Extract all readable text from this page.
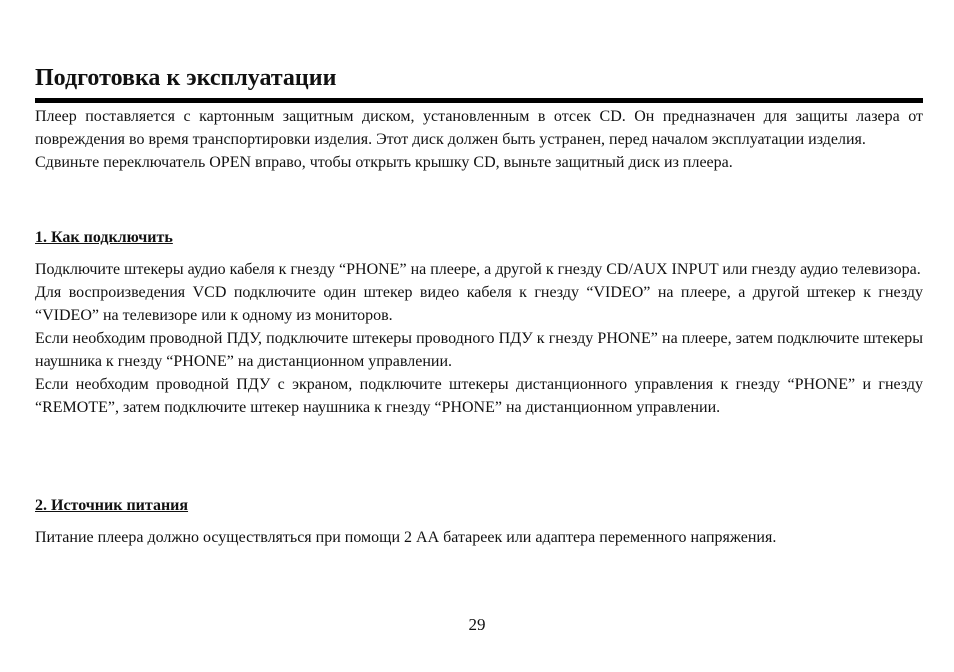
Подготовка к эксплуатации

Плеер поставляется с картонным защитным диском, установленным в отсек CD. Он предназначен для защиты лазера от повреждения во время транспортировки изделия. Этот диск должен быть устранен, перед началом эксплуатации изделия.
Сдвиньте переключатель OPEN вправо, чтобы открыть крышку CD, выньте защитный диск из плеера.

1. Как подключить

Подключите штекеры аудио кабеля к гнезду “PHONE” на плеере, а другой к гнезду CD/AUX INPUT или гнезду аудио телевизора.
Для воспроизведения VCD подключите один штекер видео кабеля к гнезду “VIDEO” на плеере, а другой штекер к гнезду “VIDEO” на телевизоре или к одному из мониторов.
Если необходим проводной ПДУ, подключите штекеры проводного ПДУ к гнезду PHONE” на плеере, затем подключите штекеры наушника к гнезду “PHONE” на дистанционном управлении.
Если необходим проводной ПДУ с экраном, подключите штекеры дистанционного управления к гнезду “PHONE” и гнезду “REMOTE”, затем подключите штекер наушника к гнезду “PHONE” на дистанционном управлении.

2. Источник питания

Питание плеера должно осуществляться при помощи 2 АА батареек или адаптера переменного напряжения.

29
